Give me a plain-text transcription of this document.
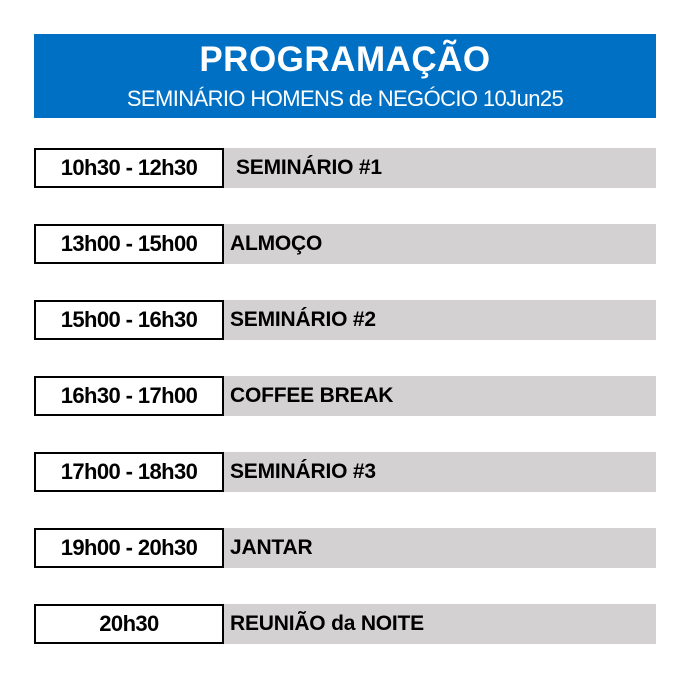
PROGRAMAÇÃO
SEMINÁRIO HOMENS de NEGÓCIO 10Jun25
10h30 - 12h30	SEMINÁRIO #1
13h00 - 15h00	ALMOÇO
15h00 - 16h30	SEMINÁRIO #2
16h30 - 17h00	COFFEE BREAK
17h00 - 18h30	SEMINÁRIO #3
19h00 - 20h30	JANTAR
20h30	REUNIÃO da NOITE
